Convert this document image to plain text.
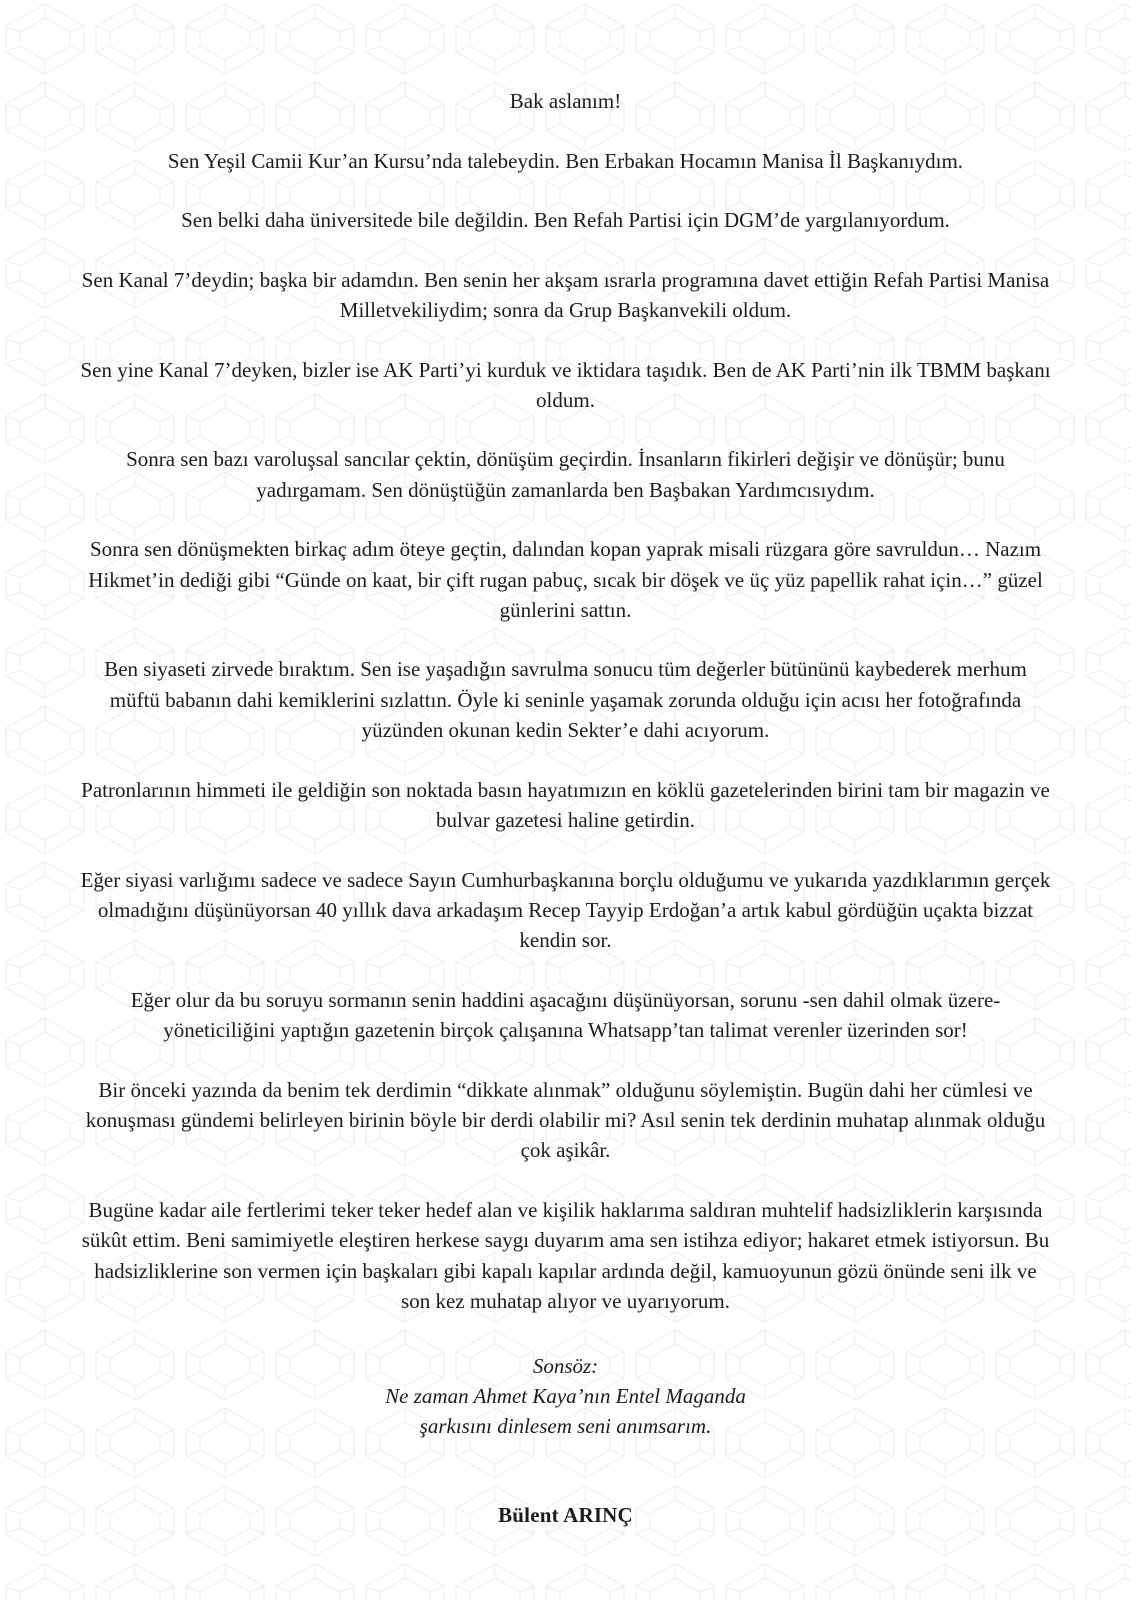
Bak aslanım!

Sen Yeşil Camii Kur’an Kursu’nda talebeydin. Ben Erbakan Hocamın Manisa İl Başkanıydım.

Sen belki daha üniversitede bile değildin. Ben Refah Partisi için DGM’de yargılanıyordum.

Sen Kanal 7’deydin; başka bir adamdın. Ben senin her akşam ısrarla programına davet ettiğin Refah Partisi Manisa Milletvekiliydim; sonra da Grup Başkanvekili oldum.

Sen yine Kanal 7’deyken, bizler ise AK Parti’yi kurduk ve iktidara taşıdık. Ben de AK Parti’nin ilk TBMM başkanı oldum.

Sonra sen bazı varoluşsal sancılar çektin, dönüşüm geçirdin. İnsanların fikirleri değişir ve dönüşür; bunu yadırgamam. Sen dönüştüğün zamanlarda ben Başbakan Yardımcısıydım.

Sonra sen dönüşmekten birkaç adım öteye geçtin, dalından kopan yaprak misali rüzgara göre savruldun… Nazım Hikmet’in dediği gibi “Günde on kaat, bir çift rugan pabuç, sıcak bir döşek ve üç yüz papellik rahat için…” güzel günlerini sattın.

Ben siyaseti zirvede bıraktım. Sen ise yaşadığın savrulma sonucu tüm değerler bütününü kaybederek merhum müftü babanın dahi kemiklerini sızlattın. Öyle ki seninle yaşamak zorunda olduğu için acısı her fotoğrafında yüzünden okunan kedin Sekter’e dahi acıyorum.

Patronlarının himmeti ile geldiğin son noktada basın hayatımızın en köklü gazetelerinden birini tam bir magazin ve bulvar gazetesi haline getirdin.

Eğer siyasi varlığımı sadece ve sadece Sayın Cumhurbaşkanına borçlu olduğumu ve yukarıda yazdıklarımın gerçek olmadığını düşünüyorsan 40 yıllık dava arkadaşım Recep Tayyip Erdoğan’a artık kabul gördüğün uçakta bizzat kendin sor.

Eğer olur da bu soruyu sormanın senin haddini aşacağını düşünüyorsan, sorunu -sen dahil olmak üzere- yöneticiliğini yaptığın gazetenin birçok çalışanına Whatsapp’tan talimat verenler üzerinden sor!

Bir önceki yazında da benim tek derdimin “dikkate alınmak” olduğunu söylemiştin. Bugün dahi her cümlesi ve konuşması gündemi belirleyen birinin böyle bir derdi olabilir mi? Asıl senin tek derdinin muhatap alınmak olduğu çok aşikâr.

Bugüne kadar aile fertlerimi teker teker hedef alan ve kişilik haklarıma saldıran muhtelif hadsizliklerin karşısında sükût ettim. Beni samimiyetle eleştiren herkese saygı duyarım ama sen istihza ediyor; hakaret etmek istiyorsun. Bu hadsizliklerine son vermen için başkaları gibi kapalı kapılar ardında değil, kamuoyunun gözü önünde seni ilk ve son kez muhatap alıyor ve uyarıyorum.

Sonsöz:
Ne zaman Ahmet Kaya’nın Entel Maganda
şarkısını dinlesem seni anımsarım.
Bülent ARINÇ
